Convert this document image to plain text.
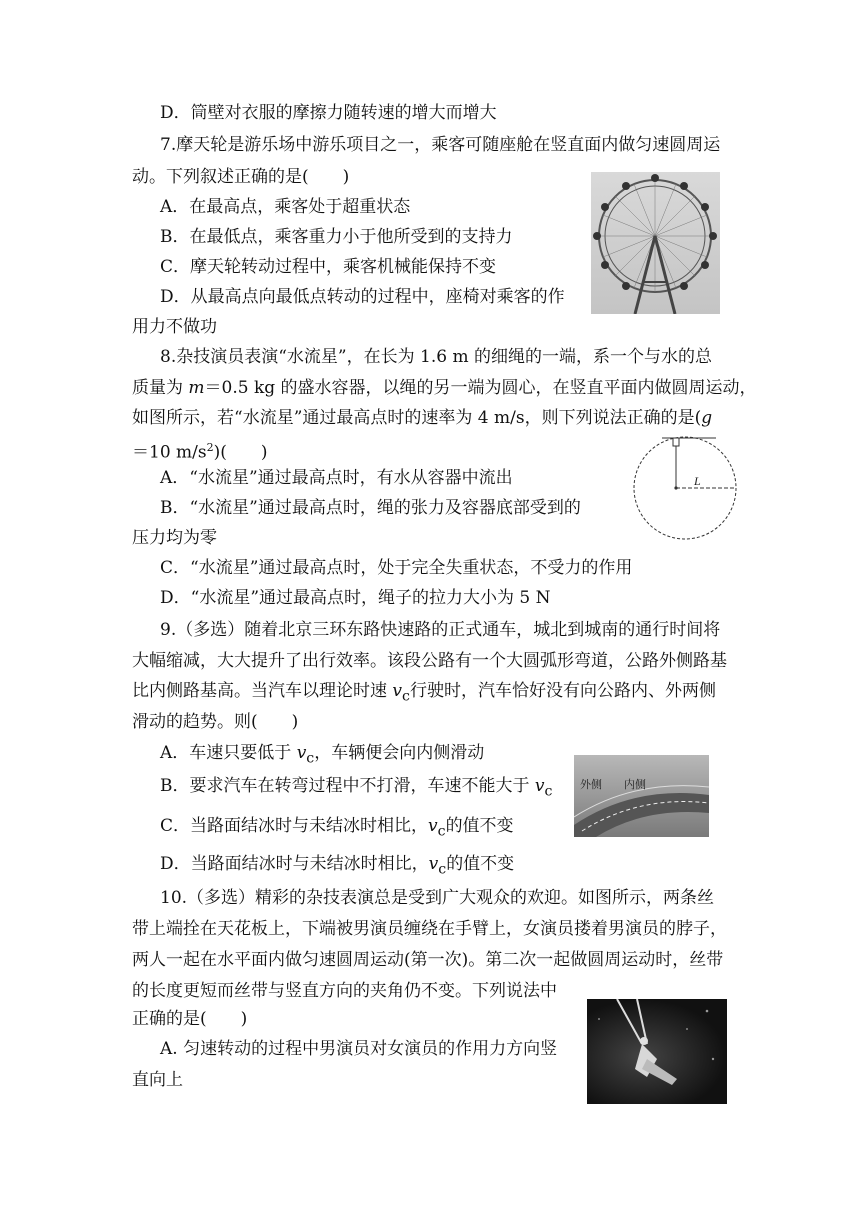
D．筒壁对衣服的摩擦力随转速的增大而增大
7.摩天轮是游乐场中游乐项目之一，乘客可随座舱在竖直面内做匀速圆周运
动。下列叙述正确的是(　　)
A．在最高点，乘客处于超重状态
B．在最低点，乘客重力小于他所受到的支持力
C．摩天轮转动过程中，乘客机械能保持不变
D．从最高点向最低点转动的过程中，座椅对乘客的作
用力不做功
8.杂技演员表演“水流星”，在长为 1.6 m 的细绳的一端，系一个与水的总
质量为 m＝0.5 kg 的盛水容器，以绳的另一端为圆心，在竖直平面内做圆周运动，
如图所示，若“水流星”通过最高点时的速率为 4 m/s，则下列说法正确的是(g
＝10 $m/s^2$)(　　)
A．“水流星”通过最高点时，有水从容器中流出
B．“水流星”通过最高点时，绳的张力及容器底部受到的
压力均为零
C．“水流星”通过最高点时，处于完全失重状态，不受力的作用
D．“水流星”通过最高点时，绳子的拉力大小为 5 N
L
9.（多选）随着北京三环东路快速路的正式通车，城北到城南的通行时间将
大幅缩减，大大提升了出行效率。该段公路有一个大圆弧形弯道，公路外侧路基
比内侧路基高。当汽车以理论时速 $v_c$行驶时，汽车恰好没有向公路内、外两侧
滑动的趋势。则(　　)
A．车速只要低于 $v_c$，车辆便会向内侧滑动
B．要求汽车在转弯过程中不打滑，车速不能大于 $v_c$
C．当路面结冰时与未结冰时相比，$v_c$的值不变
D．当路面结冰时与未结冰时相比，$v_c$的值不变
外侧 内侧
10.（多选）精彩的杂技表演总是受到广大观众的欢迎。如图所示，两条丝
带上端拴在天花板上，下端被男演员缠绕在手臂上，女演员搂着男演员的脖子，
两人一起在水平面内做匀速圆周运动(第一次)。第二次一起做圆周运动时，丝带
的长度更短而丝带与竖直方向的夹角仍不变。下列说法中
正确的是(　　)
A. 匀速转动的过程中男演员对女演员的作用力方向竖
直向上
